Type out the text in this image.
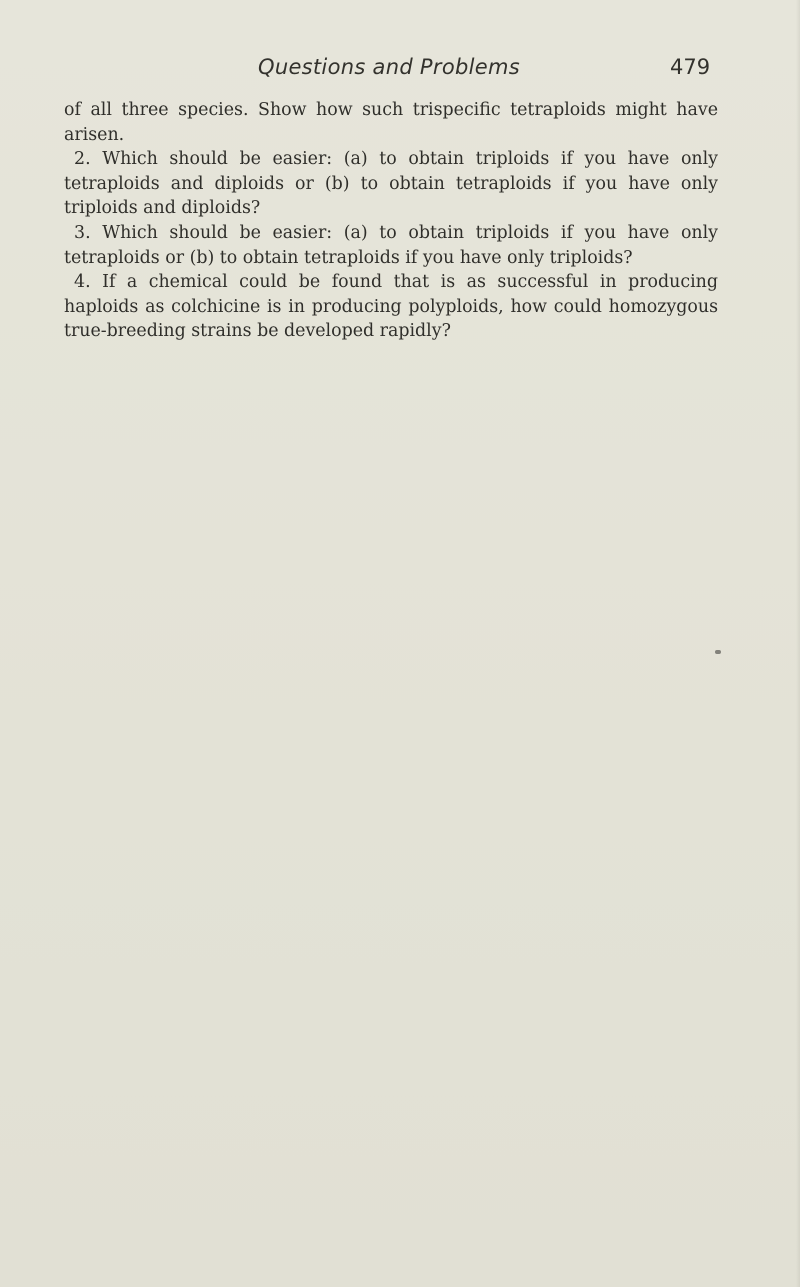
Questions and Problems	479

of all three species. Show how such trispecific tetraploids might have arisen.

2. Which should be easier: (a) to obtain triploids if you have only tetraploids and diploids or (b) to obtain tetraploids if you have only triploids and diploids?

3. Which should be easier: (a) to obtain triploids if you have only tetraploids or (b) to obtain tetraploids if you have only triploids?

4. If a chemical could be found that is as successful in producing haploids as colchicine is in producing polyploids, how could homozygous true-breeding strains be developed rapidly?
